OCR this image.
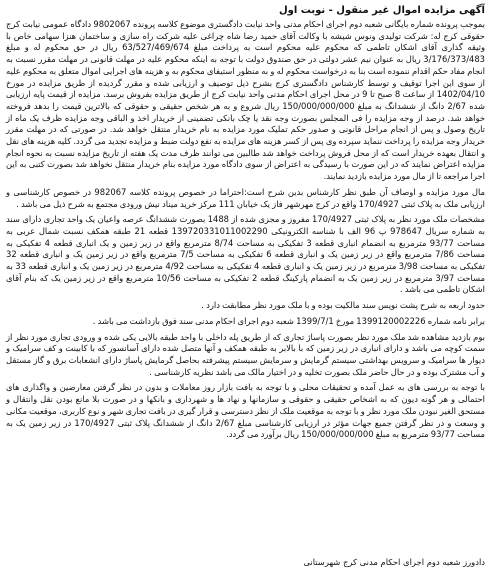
آگهی مزایده اموال غیر منقول - نوبت اول
بموجب پرونده شماره بایگانی شعبه دوم اجرای احکام مدنی واحد نیابت دادگستری موضوع کلاسه پرونده 9802067 دادگاه عمومی نیابت کرج حقوقی کرج له: شرکت تولیدی ونوس شیشه با وکالت آقای حمید رضا شاه چراغی علیه شرکت راه سازی و ساختمان هنزا سهامی خاص با وثیقه گذاری آقای اشکان تاطمی که محکوم علیه محکوم است به پرداخت مبلغ 63/527/469/674 ریال در حق محکوم له و مبلغ 3/176/373/483 ریال به عنوان نیم عشر دولتی در حق صندوق دولت با توجه به اینکه محکوم علیه در مهلت قانونی در مهلت مقرر نسبت به انجام مفاد حکم اقدام ننموده است بنا به درخواست محکوم له و به منظور استیفای محکوم به و هزینه های اجرایی اموال متعلق به محکوم علیه از سوی این اجرا توقیف و توسط کارشناس دادگستری کرج بشرح ذیل توصیف و ارزیابی شده و مقرر گردیده از طریق مزایده در مورخ 1402/04/10 از ساعت 8 صبح تا 9 در محل اجرای احکام مدنی واحد نیابت کرج از طریق مزایده بفروش برسد. مزایده از قیمت پایه ارزیابی شده 2/67 دانگ از ششدانگ به مبلغ 150/000/000/000 ریال شروع و به هر شخص حقیقی و حقوقی که بالاترین قیمت را بدهد فروخته خواهد شد. درصد از وجه مزایده را فی المجلس بصورت وجه نقد یا چک بانکی تضمینی از خریدار اخذ و الباقی وجه مزایده ظرف یک ماه از تاریخ وصول و پس از انجام مراحل قانونی و صدور حکم تملیک مورد مزایده به نام خریدار منتقل خواهد شد. در صورتی که در مهلت مقرر خریدار وجه مزایده را پرداخت ننماید سپرده وی پس از کسر هزینه های مزایده به نفع دولت ضبط و مزایده تجدید می گردد. کلیه هزینه های نقل و انتقال بعهده خریدار است که از محل فروش پرداخت خواهد شد طالبین می توانند ظرف مدت یک هفته از تاریخ مزایده نسبت به نحوه انجام مزایده اعتراض نمایند که در این صورت با رسیدگی به اعتراض از سوی دادگاه مورد مزایده بنام خریدار منتقل نخواهد شد بصورت کتبی به این اجرا مراجعه تا از مال مورد مزایده بازدید نمایند.
مال مورد مزایده و اوصاف آن طبق نظر کارشناس بدین شرح است:احتراما در خصوص پرونده کلاسه 982067 در خصوص کارشناسی و ارزیابی ملک به پلاک ثبتی 170/4927 واقع در کرج مهرشهر فاز یک خیابان 111 مرکز خرید میناد نیش ورودی مجتمع به شرح ذیل می باشد .
مشخصات ملک مورد نظر به پلاک ثبتی 170/4927 مفروز و مجزی شده از 1488 بصورت ششدانگ عرصه واعیان یک واحد تجاری دارای سند به شماره سریال 978647 پ 96 الف با شناسه الکترونیکی 139720331011002290 قطعه 21 طبقه همکف نسبت شمال عربی به مساحت 93/77 مترمربع به انضمام انباری قطعه 3 تفکیکی به مساحت 8/74 مترمربع واقع در زیر زمین و یک انباری قطعه 4 تفکیکی به مساحت 7/86 مترمربع واقع در زیر زمین یک و انباری قطعه 6 تفکیکی به مساحت 7/5 مترمربع واقع در زیر زمین یک و انباری قطعه 32 تفکیکی به مساحت 3/98 مترمربع در زیر زمین یک و انباری قطعه 4 تفکیکی به مساحت 4/92 مترمربع در زیر زمین یک و انباری قطعه 33 به مساحت 3/97 مترمربع در زیر زمین یک به انضمام پارکینگ قطعه 2 تفکیکی به مساحت 10/56 مترمربع واقع در زیر زمین یک که بنام آقای اشکان تاطمی می باشد .
حدود اربعه به شرح پشت نویس سند مالکیت بوده و با ملک مورد نظر مطابقت دارد .
برابر نامه شماره 1399120002226 مورخ 1399/7/1 شعبه دوم اجرای احکام مدنی سند فوق بازداشت می باشد .
بوم بازدید مشاهده شد ملک مورد نظر بصورت پاساژ تجاری که از طریق پله داخلی با واحد طبقه بالایی یکی شده و ورودی تجاری مورد نظر از سمت کوچه می باشد و دارای انباری در زیر زمین که با بالابر به طبقه همکف و آنها متصل شده دارای آسانسور که با کابینت و کف سرامیک و دیوار ها سرامیک و سرویس بهداشتی سیستم گرمایش و سرمایش سیستم پیشرفته بحاصل گرمایش پاساژ دارای انشعابات برق و گاز مستقل و آب مشترک بوده و در حال حاضر ملک بصورت تخلیه و در اختیار مالک می باشد نظریه کارشناسی .
با توجه به بررسی های به عمل آمده و تحقیقات محلی و با توجه به بافت بازار روز معاملات و بدون در نظر گرفتن معارضین و واگذاری های احتمالی و هر گونه دیون که به اشخاص حقیقی و حقوقی و سازمانها و نهاد ها و شهرداری و بانکها و در صورت بلا مانع بودن نقل وانتقال و مستحق الغیر نبودن ملک مورد نظر و با توجه به موقعیت ملک از نظر دسترسی و قرار گیری در بافت تجاری شهر و نوع کاربری، موقعیت مکانی و وسعت و در نظر گرفتن جمیع جهات مؤثر در ارزیابی کارشناسی مبلغ 2/67 دانگ از ششدانگ پلاک ثبتی 170/4927 در زیر زمین یک به مساحت 93/77 مترمربع به مبلغ 150/000/000/000 ریال برآورد می گردد.
دادورز شعبه دوم اجرای احکام مدنی کرج شهرستانی
